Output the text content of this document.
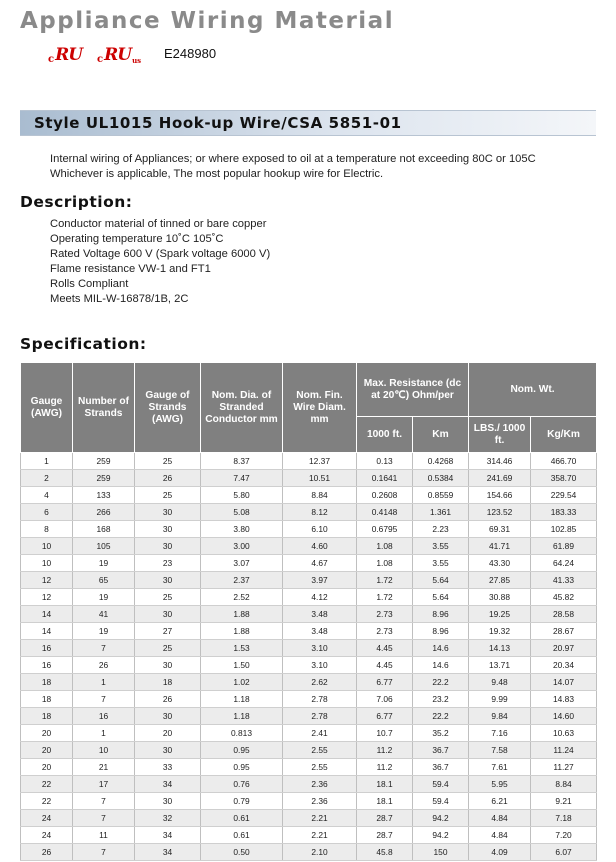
Appliance Wiring Material
c RU c RU us E248980
Style UL1015 Hook-up Wire/CSA 5851-01
Internal wiring of Appliances; or where exposed to oil at a temperature not exceeding 80C or 105C
Whichever is applicable, The most popular hookup wire for Electric.
Description:
Conductor material of tinned or bare copper
Operating temperature 10˚C 105˚C
Rated Voltage 600 V (Spark voltage 6000 V)
Flame resistance VW-1 and FT1
Rolls Compliant
Meets MIL-W-16878/1B, 2C
Specification:
Gauge (AWG)	Number of Strands	Gauge of Strands (AWG)	Nom. Dia. of Stranded Conductor mm	Nom. Fin. Wire Diam. mm	Max. Resistance (dc at 20℃) Ohm/per		Nom. Wt.	
					1000 ft.	Km	LBS./ 1000 ft.	Kg/Km
1	259	25	8.37	12.37	0.13	0.4268	314.46	466.70
2	259	26	7.47	10.51	0.1641	0.5384	241.69	358.70
4	133	25	5.80	8.84	0.2608	0.8559	154.66	229.54
6	266	30	5.08	8.12	0.4148	1.361	123.52	183.33
8	168	30	3.80	6.10	0.6795	2.23	69.31	102.85
10	105	30	3.00	4.60	1.08	3.55	41.71	61.89
10	19	23	3.07	4.67	1.08	3.55	43.30	64.24
12	65	30	2.37	3.97	1.72	5.64	27.85	41.33
12	19	25	2.52	4.12	1.72	5.64	30.88	45.82
14	41	30	1.88	3.48	2.73	8.96	19.25	28.58
14	19	27	1.88	3.48	2.73	8.96	19.32	28.67
16	7	25	1.53	3.10	4.45	14.6	14.13	20.97
16	26	30	1.50	3.10	4.45	14.6	13.71	20.34
18	1	18	1.02	2.62	6.77	22.2	9.48	14.07
18	7	26	1.18	2.78	7.06	23.2	9.99	14.83
18	16	30	1.18	2.78	6.77	22.2	9.84	14.60
20	1	20	0.813	2.41	10.7	35.2	7.16	10.63
20	10	30	0.95	2.55	11.2	36.7	7.58	11.24
20	21	33	0.95	2.55	11.2	36.7	7.61	11.27
22	17	34	0.76	2.36	18.1	59.4	5.95	8.84
22	7	30	0.79	2.36	18.1	59.4	6.21	9.21
24	7	32	0.61	2.21	28.7	94.2	4.84	7.18
24	11	34	0.61	2.21	28.7	94.2	4.84	7.20
26	7	34	0.50	2.10	45.8	150	4.09	6.07
